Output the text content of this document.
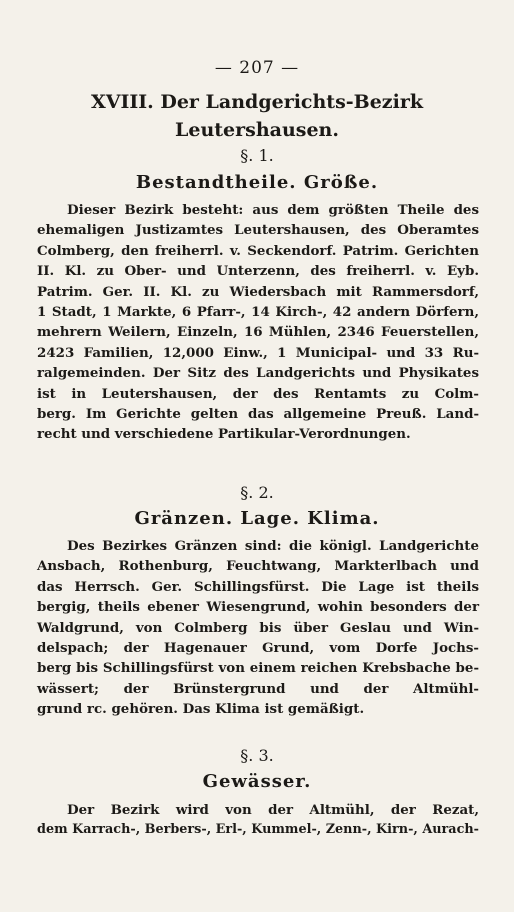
— 207 —
XVIII. Der Landgerichts-Bezirk Leutershausen.
§. 1.
Bestandtheile. Größe.
Dieser Bezirk besteht: aus dem größten Theile des
ehemaligen Justizamtes Leutershausen, des Oberamtes
Colmberg, den freiherrl. v. Seckendorf. Patrim. Gerichten
II. Kl. zu Ober- und Unterzenn, des freiherrl. v. Eyb.
Patrim. Ger. II. Kl. zu Wiedersbach mit Rammersdorf,
1 Stadt, 1 Markte, 6 Pfarr-, 14 Kirch-, 42 andern Dörfern,
mehrern Weilern, Einzeln, 16 Mühlen, 2346 Feuerstellen,
2423 Familien, 12,000 Einw., 1 Municipal- und 33 Ru-
ralgemeinden. Der Sitz des Landgerichts und Physikates
ist in Leutershausen, der des Rentamts zu Colm-
berg. Im Gerichte gelten das allgemeine Preuß. Land-
recht und verschiedene Partikular-Verordnungen.
§. 2.
Gränzen. Lage. Klima.
Des Bezirkes Gränzen sind: die königl. Landgerichte
Ansbach, Rothenburg, Feuchtwang, Markterlbach und
das Herrsch. Ger. Schillingsfürst. Die Lage ist theils
bergig, theils ebener Wiesengrund, wohin besonders der
Waldgrund, von Colmberg bis über Geslau und Win-
delspach; der Hagenauer Grund, vom Dorfe Jochs-
berg bis Schillingsfürst von einem reichen Krebsbache be-
wässert; der Brünstergrund und der Altmühl-
grund rc. gehören. Das Klima ist gemäßigt.
§. 3.
Gewässer.
Der Bezirk wird von der Altmühl, der Rezat,
dem Karrach-, Berbers-, Erl-, Kummel-, Zenn-, Kirn-, Aurach-
